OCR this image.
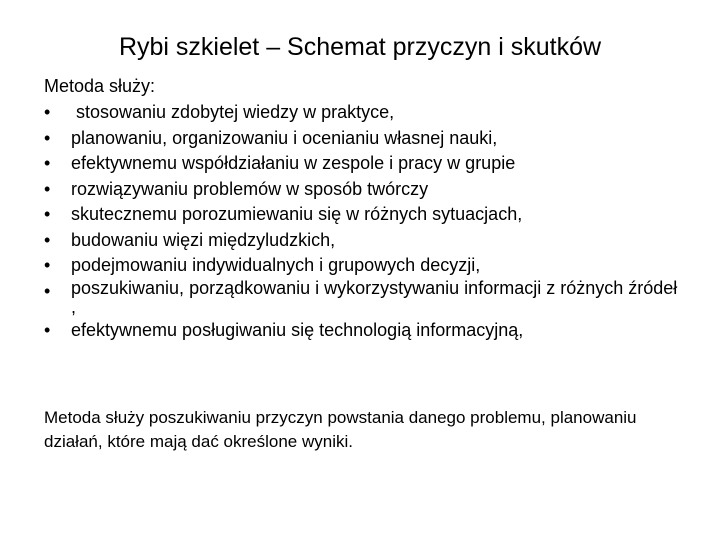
Rybi szkielet – Schemat przyczyn i skutków
Metoda służy:
• stosowaniu zdobytej wiedzy w praktyce,
• planowaniu, organizowaniu i ocenianiu własnej nauki,
• efektywnemu współdziałaniu w zespole i pracy w grupie
• rozwiązywaniu problemów w sposób twórczy
• skutecznemu porozumiewaniu się w różnych sytuacjach,
• budowaniu więzi międzyludzkich,
• podejmowaniu indywidualnych i grupowych decyzji,
• poszukiwaniu, porządkowaniu i wykorzystywaniu informacji z różnych źródeł ,
• efektywnemu posługiwaniu się technologią informacyjną,
Metoda służy poszukiwaniu przyczyn powstania danego problemu, planowaniu działań, które mają dać określone wyniki.
